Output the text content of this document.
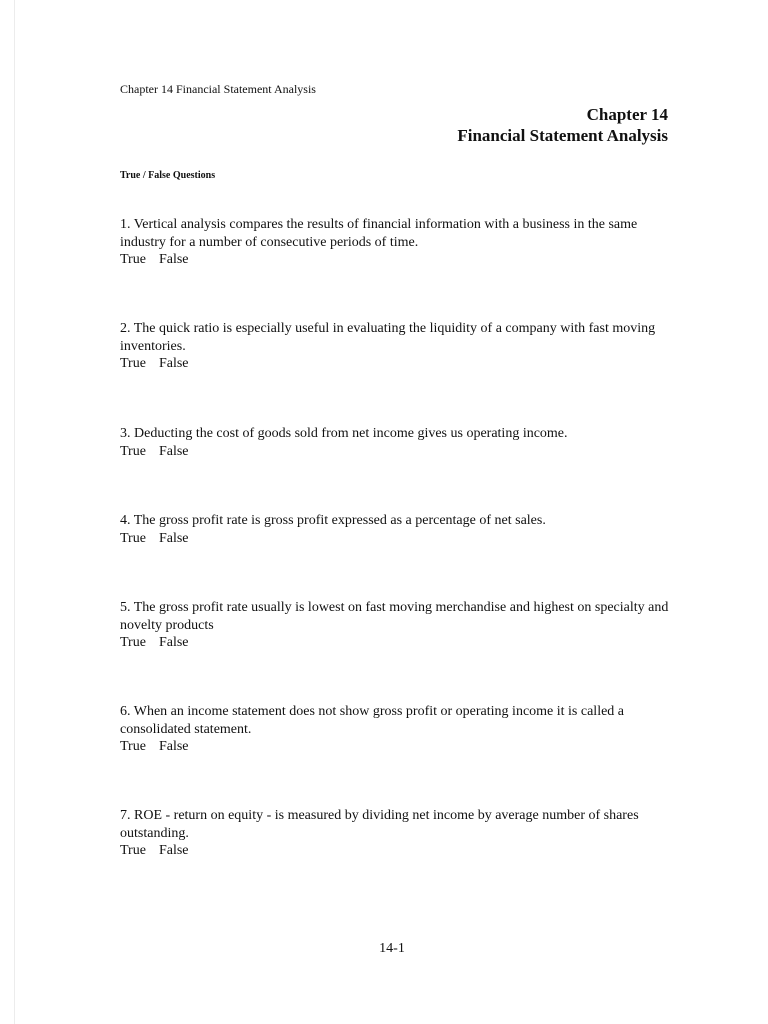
Chapter 14 Financial Statement Analysis
Chapter 14
Financial Statement Analysis
True / False Questions
1. Vertical analysis compares the results of financial information with a business in the same industry for a number of consecutive periods of time.
True False
2. The quick ratio is especially useful in evaluating the liquidity of a company with fast moving inventories.
True False
3. Deducting the cost of goods sold from net income gives us operating income.
True False
4. The gross profit rate is gross profit expressed as a percentage of net sales.
True False
5. The gross profit rate usually is lowest on fast moving merchandise and highest on specialty and novelty products
True False
6. When an income statement does not show gross profit or operating income it is called a consolidated statement.
True False
7. ROE - return on equity - is measured by dividing net income by average number of shares outstanding.
True False
14-1
